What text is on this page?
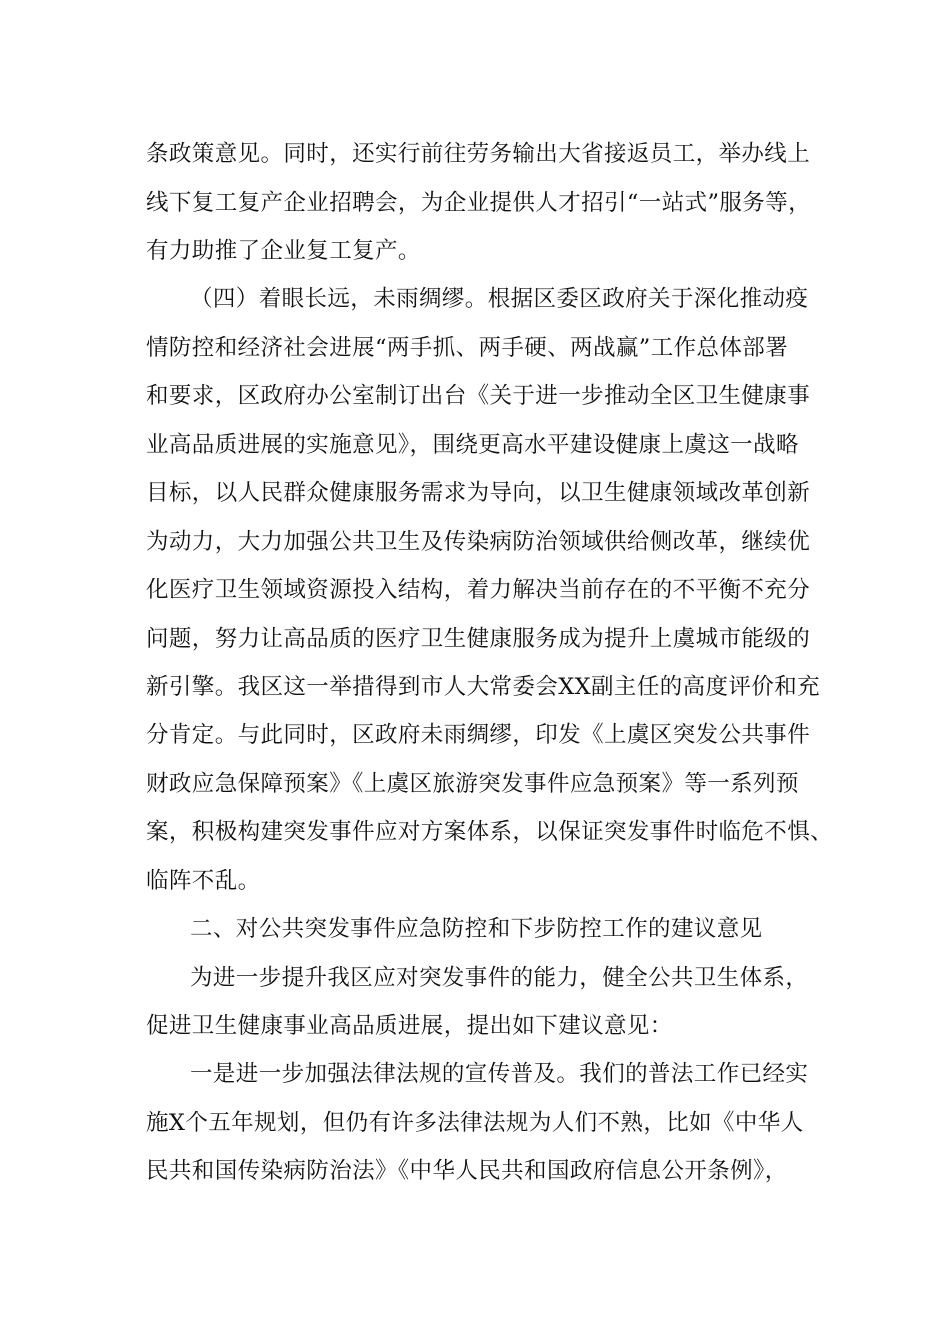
条政策意见。同时，还实行前往劳务输出大省接返员工，举办线上
线下复工复产企业招聘会，为企业提供人才招引“一站式”服务等，
有力助推了企业复工复产。
（四）着眼长远，未雨绸缪。根据区委区政府关于深化推动疫
情防控和经济社会进展“两手抓、两手硬、两战赢”工作总体部署
和要求，区政府办公室制订出台《关于进一步推动全区卫生健康事
业高品质进展的实施意见》，围绕更高水平建设健康上虞这一战略
目标，以人民群众健康服务需求为导向，以卫生健康领域改革创新
为动力，大力加强公共卫生及传染病防治领域供给侧改革，继续优
化医疗卫生领域资源投入结构，着力解决当前存在的不平衡不充分
问题，努力让高品质的医疗卫生健康服务成为提升上虞城市能级的
新引擎。我区这一举措得到市人大常委会XX副主任的高度评价和充
分肯定。与此同时，区政府未雨绸缪，印发《上虞区突发公共事件
财政应急保障预案》《上虞区旅游突发事件应急预案》等一系列预
案，积极构建突发事件应对方案体系，以保证突发事件时临危不惧、
临阵不乱。
二、对公共突发事件应急防控和下步防控工作的建议意见
为进一步提升我区应对突发事件的能力，健全公共卫生体系，
促进卫生健康事业高品质进展，提出如下建议意见：
一是进一步加强法律法规的宣传普及。我们的普法工作已经实
施X个五年规划，但仍有许多法律法规为人们不熟，比如《中华人
民共和国传染病防治法》《中华人民共和国政府信息公开条例》，
